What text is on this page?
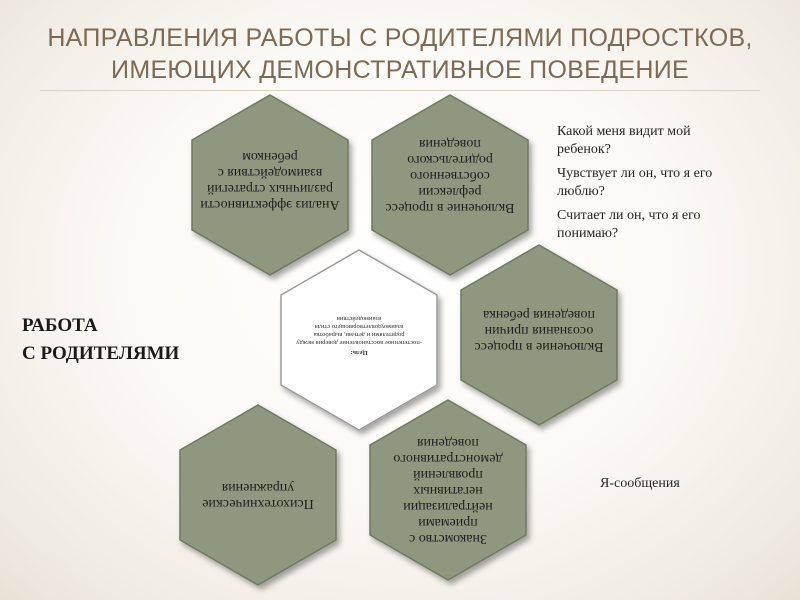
НАПРАВЛЕНИЯ РАБОТЫ С РОДИТЕЛЯМИ ПОДРОСТКОВ, ИМЕЮЩИХ ДЕМОНСТРАТИВНОЕ ПОВЕДЕНИЕ
РАБОТА
С РОДИТЕЛЯМИ
Анализ эффективности различных стратегий взаимодействия с ребенком
Включение в процесс рефлексии собственного родительского поведения
Включение в процесс осознания причин поведения ребенка
Психотехнические упражнения
Знакомство с приемами нейтрализации негативных проявлений демонстративного поведения
Цель:
-постепенное восстановление доверия между родителями и детьми, выработка взаимоудовлетворяющего стиля взаимодействия

Какой меня видит мой ребенок?

Чувствует ли он, что я его люблю?

Считает ли он, что я его понимаю?

Я-сообщения
